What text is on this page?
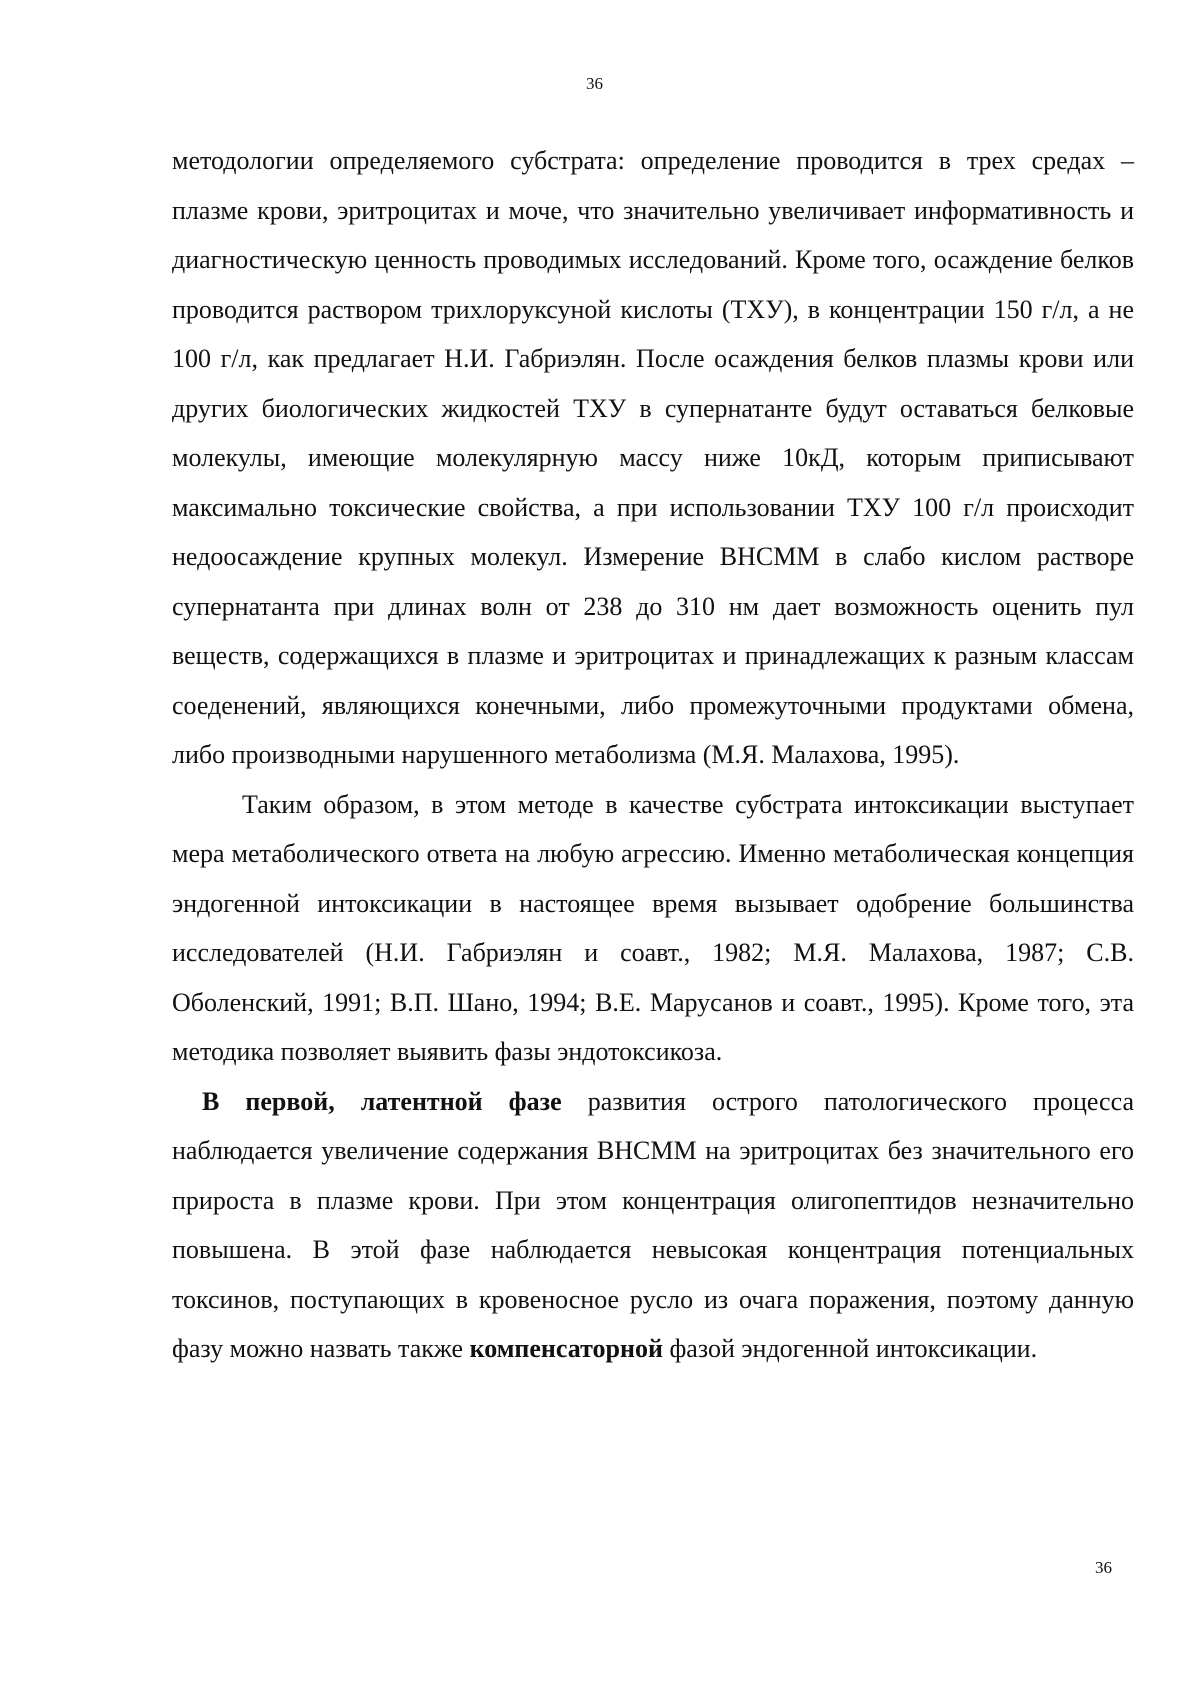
36

методологии определяемого субстрата: определение проводится в трех средах – плазме крови, эритроцитах и моче, что значительно увеличивает информативность и диагностическую ценность проводимых исследований. Кроме того, осаждение белков проводится раствором трихлоруксуной кислоты (ТХУ), в концентрации 150 г/л, а не 100 г/л, как предлагает Н.И. Габриэлян. После осаждения белков плазмы крови или других биологических жидкостей ТХУ в супернатанте будут оставаться белковые молекулы, имеющие молекулярную массу ниже 10кД, которым приписывают максимально токсические свойства, а при использовании ТХУ 100 г/л происходит недоосаждение крупных молекул. Измерение ВНСММ в слабо кислом растворе супернатанта при длинах волн от 238 до 310 нм дает возможность оценить пул веществ, содержащихся в плазме и эритроцитах и принадлежащих к разным классам соеденений, являющихся конечными, либо промежуточными продуктами обмена, либо производными нарушенного метаболизма (М.Я. Малахова, 1995).

Таким образом, в этом методе в качестве субстрата интоксикации выступает мера метаболического ответа на любую агрессию. Именно метаболическая концепция эндогенной интоксикации в настоящее время вызывает одобрение большинства исследователей (Н.И. Габриэлян и соавт., 1982; М.Я. Малахова, 1987; С.В. Оболенский, 1991; В.П. Шано, 1994; В.Е. Марусанов и соавт., 1995). Кроме того, эта методика позволяет выявить фазы эндотоксикоза.

В первой, латентной фазе развития острого патологического процесса наблюдается увеличение содержания ВНСММ на эритроцитах без значительного его прироста в плазме крови. При этом концентрация олигопептидов незначительно повышена. В этой фазе наблюдается невысокая концентрация потенциальных токсинов, поступающих в кровеносное русло из очага поражения, поэтому данную фазу можно назвать также компенсаторной фазой эндогенной интоксикации.

36
